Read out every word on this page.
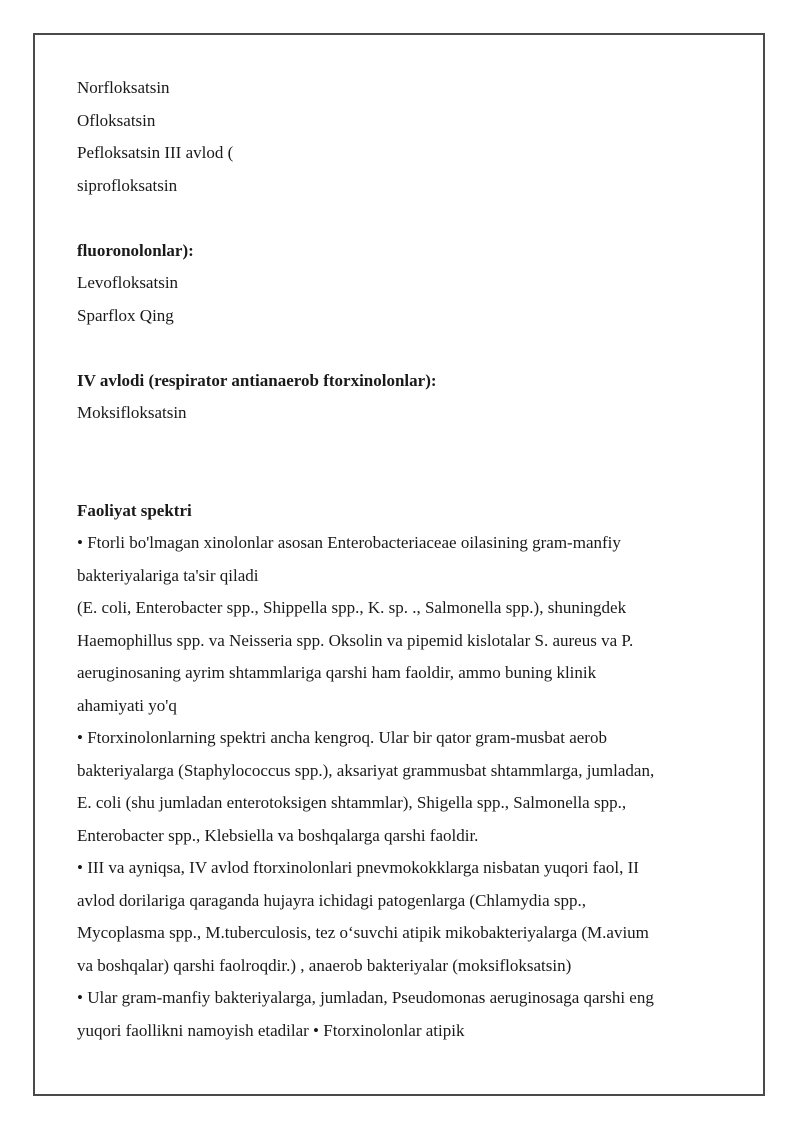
Norfloksatsin
Ofloksatsin
Pefloksatsin III avlod (
siprofloksatsin
fluoronolonlar):
Levofloksatsin
Sparflox Qing
IV avlodi (respirator antianaerob ftorxinolonlar):
Moksifloksatsin
Faoliyat spektri
• Ftorli bo'lmagan xinolonlar asosan Enterobacteriaceae oilasining gram-manfiy
bakteriyalariga ta'sir qiladi
(E. coli, Enterobacter spp., Shippella spp., K. sp. ., Salmonella spp.), shuningdek
Haemophillus spp. va Neisseria spp. Oksolin va pipemid kislotalar S. aureus va P.
aeruginosaning ayrim shtammlariga qarshi ham faoldir, ammo buning klinik
ahamiyati yo'q
• Ftorxinolonlarning spektri ancha kengroq. Ular bir qator gram-musbat aerob
bakteriyalarga (Staphylococcus spp.), aksariyat grammusbat shtammlarga, jumladan,
E. coli (shu jumladan enterotoksigen shtammlar), Shigella spp., Salmonella spp.,
Enterobacter spp., Klebsiella va boshqalarga qarshi faoldir.
• III va ayniqsa, IV avlod ftorxinolonlari pnevmokokklarga nisbatan yuqori faol, II
avlod dorilariga qaraganda hujayra ichidagi patogenlarga (Chlamydia spp.,
Mycoplasma spp., M.tuberculosis, tez o‘suvchi atipik mikobakteriyalarga (M.avium
va boshqalar) qarshi faolroqdir.) , anaerob bakteriyalar (moksifloksatsin)
• Ular gram-manfiy bakteriyalarga, jumladan, Pseudomonas aeruginosaga qarshi eng
yuqori faollikni namoyish etadilar • Ftorxinolonlar atipik
